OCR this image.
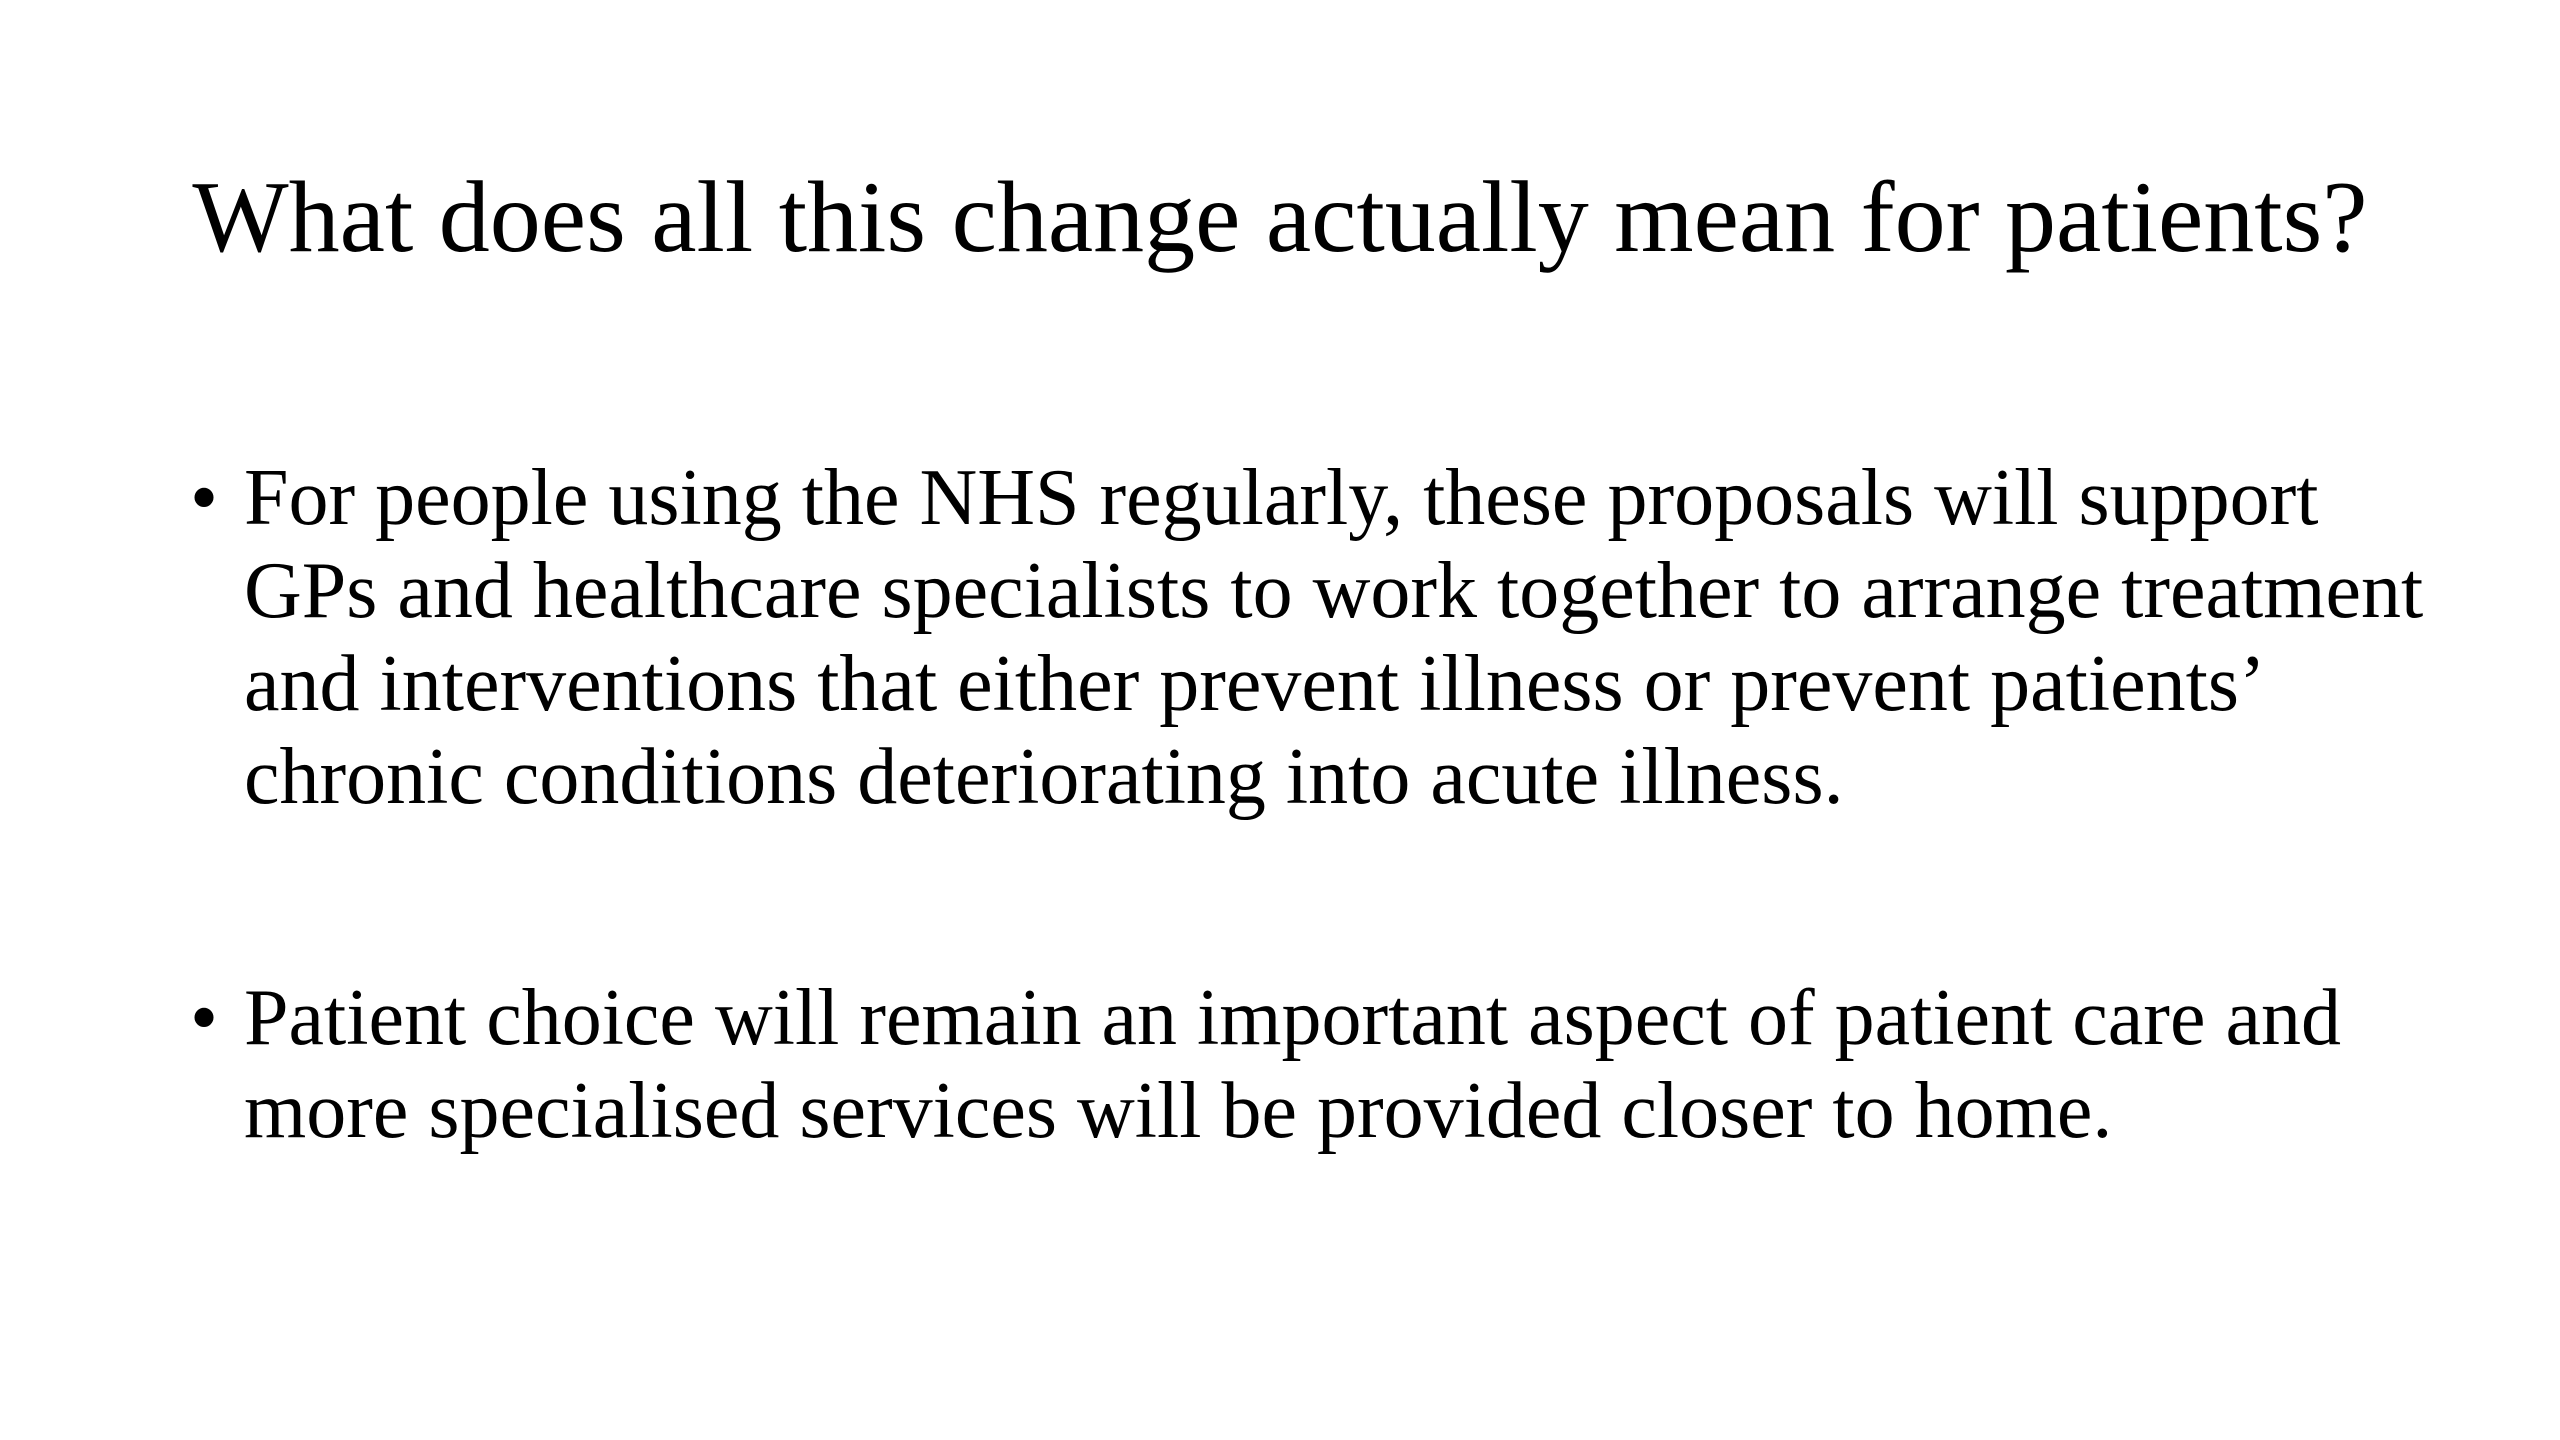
What does all this change actually mean for patients?
• For people using the NHS regularly, these proposals will support GPs and healthcare specialists to work together to arrange treatment and interventions that either prevent illness or prevent patients’ chronic conditions deteriorating into acute illness.
• Patient choice will remain an important aspect of patient care and more specialised services will be provided closer to home.
